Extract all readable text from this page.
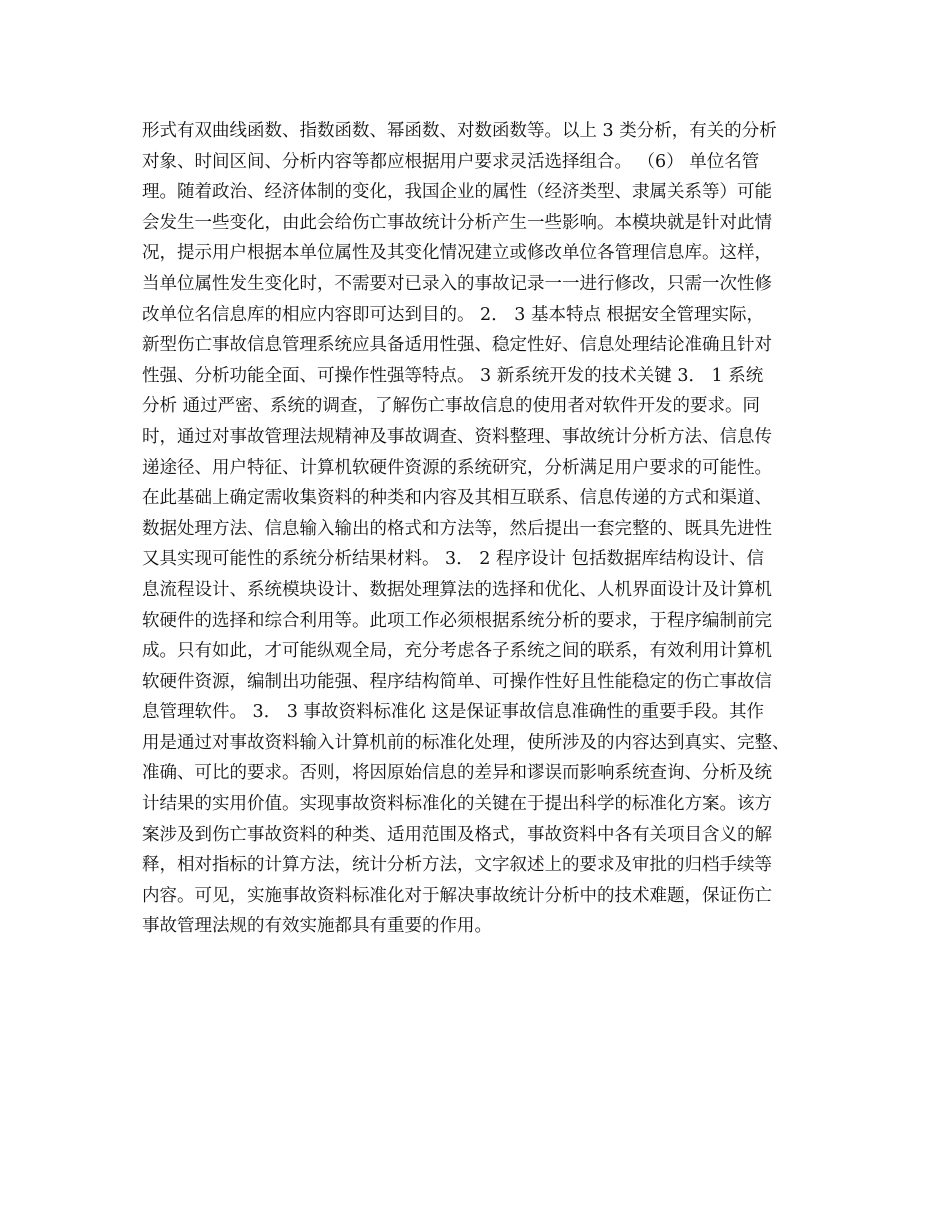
形式有双曲线函数、指数函数、幂函数、对数函数等。以上 3 类分析，有关的分析
对象、时间区间、分析内容等都应根据用户要求灵活选择组合。 （6） 单位名管
理。随着政治、经济体制的变化，我国企业的属性（经济类型、隶属关系等）可能
会发生一些变化，由此会给伤亡事故统计分析产生一些影响。本模块就是针对此情
况，提示用户根据本单位属性及其变化情况建立或修改单位各管理信息库。这样，
当单位属性发生变化时，不需要对已录入的事故记录一一进行修改，只需一次性修
改单位名信息库的相应内容即可达到目的。 2． 3 基本特点 根据安全管理实际，
新型伤亡事故信息管理系统应具备适用性强、稳定性好、信息处理结论准确且针对
性强、分析功能全面、可操作性强等特点。 3 新系统开发的技术关键 3． 1 系统
分析 通过严密、系统的调查，了解伤亡事故信息的使用者对软件开发的要求。同
时，通过对事故管理法规精神及事故调查、资料整理、事故统计分析方法、信息传
递途径、用户特征、计算机软硬件资源的系统研究，分析满足用户要求的可能性。
在此基础上确定需收集资料的种类和内容及其相互联系、信息传递的方式和渠道、
数据处理方法、信息输入输出的格式和方法等，然后提出一套完整的、既具先进性
又具实现可能性的系统分析结果材料。 3． 2 程序设计 包括数据库结构设计、信
息流程设计、系统模块设计、数据处理算法的选择和优化、人机界面设计及计算机
软硬件的选择和综合利用等。此项工作必须根据系统分析的要求，于程序编制前完
成。只有如此，才可能纵观全局，充分考虑各子系统之间的联系，有效利用计算机
软硬件资源，编制出功能强、程序结构简单、可操作性好且性能稳定的伤亡事故信
息管理软件。 3． 3 事故资料标准化 这是保证事故信息准确性的重要手段。其作
用是通过对事故资料输入计算机前的标准化处理，使所涉及的内容达到真实、完整、
准确、可比的要求。否则，将因原始信息的差异和谬误而影响系统查询、分析及统
计结果的实用价值。实现事故资料标准化的关键在于提出科学的标准化方案。该方
案涉及到伤亡事故资料的种类、适用范围及格式，事故资料中各有关项目含义的解
释，相对指标的计算方法，统计分析方法，文字叙述上的要求及审批的归档手续等
内容。可见，实施事故资料标准化对于解决事故统计分析中的技术难题，保证伤亡
事故管理法规的有效实施都具有重要的作用。
